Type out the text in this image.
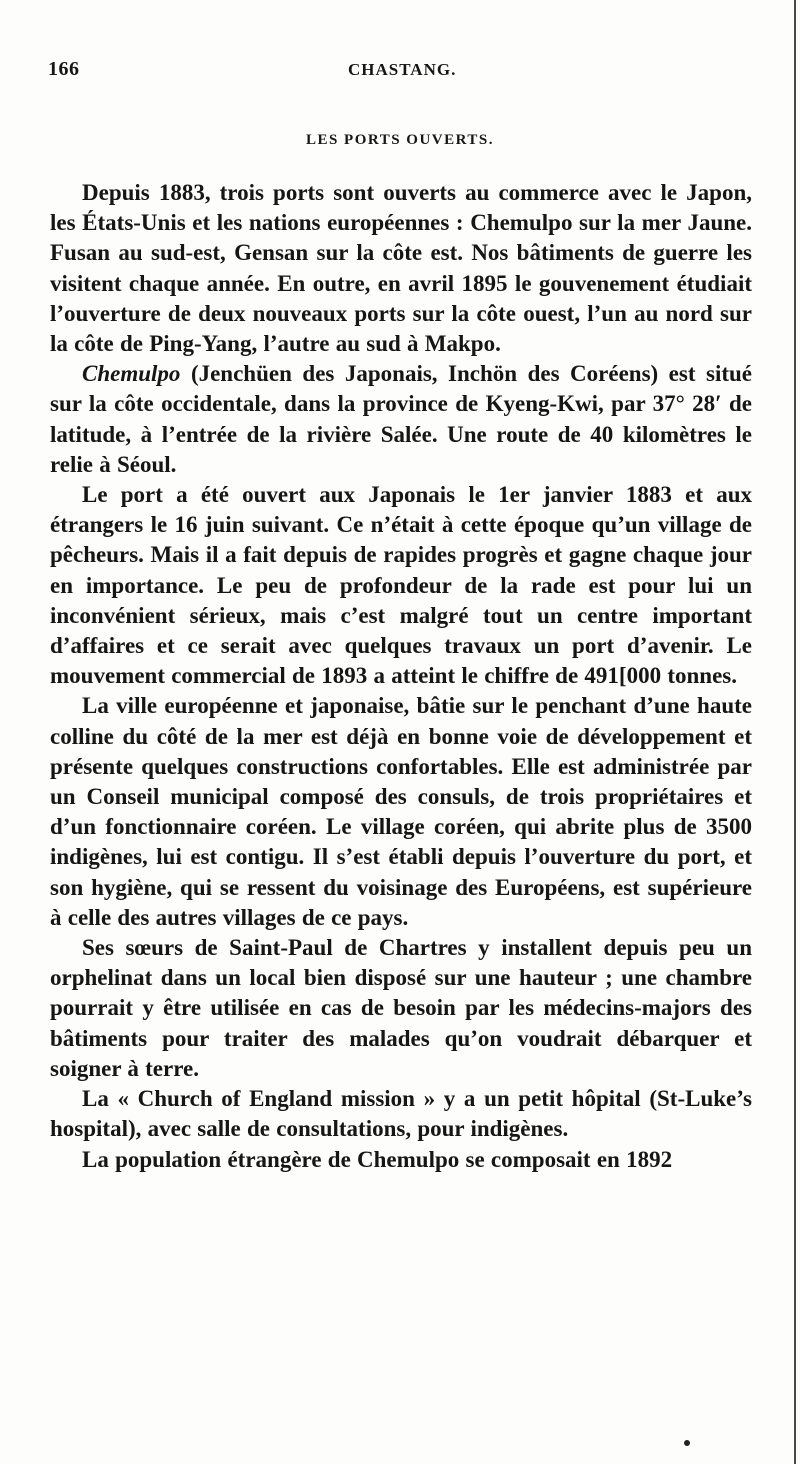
166	CHASTANG.
LES PORTS OUVERTS.

Depuis 1883, trois ports sont ouverts au commerce avec le Japon, les États-Unis et les nations européennes : Chemulpo sur la mer Jaune. Fusan au sud-est, Gensan sur la côte est. Nos bâtiments de guerre les visitent chaque année. En outre, en avril 1895 le gouvenement étudiait l’ouverture de deux nouveaux ports sur la côte ouest, l’un au nord sur la côte de Ping-Yang, l’autre au sud à Makpo.

Chemulpo (Jenchüen des Japonais, Inchön des Coréens) est situé sur la côte occidentale, dans la province de Kyeng-Kwi, par 37° 28′ de latitude, à l’entrée de la rivière Salée. Une route de 40 kilomètres le relie à Séoul.

Le port a été ouvert aux Japonais le 1er janvier 1883 et aux étrangers le 16 juin suivant. Ce n’était à cette époque qu’un village de pêcheurs. Mais il a fait depuis de rapides progrès et gagne chaque jour en importance. Le peu de profondeur de la rade est pour lui un inconvénient sérieux, mais c’est malgré tout un centre important d’affaires et ce serait avec quelques travaux un port d’avenir. Le mouvement commercial de 1893 a atteint le chiffre de 491[000 tonnes.

La ville européenne et japonaise, bâtie sur le penchant d’une haute colline du côté de la mer est déjà en bonne voie de développement et présente quelques constructions confortables. Elle est administrée par un Conseil municipal composé des consuls, de trois propriétaires et d’un fonctionnaire coréen. Le village coréen, qui abrite plus de 3500 indigènes, lui est contigu. Il s’est établi depuis l’ouverture du port, et son hygiène, qui se ressent du voisinage des Européens, est supérieure à celle des autres villages de ce pays.

Ses sœurs de Saint-Paul de Chartres y installent depuis peu un orphelinat dans un local bien disposé sur une hauteur ; une chambre pourrait y être utilisée en cas de besoin par les médecins-majors des bâtiments pour traiter des malades qu’on voudrait débarquer et soigner à terre.

La « Church of England mission » y a un petit hôpital (St-Luke’s hospital), avec salle de consultations, pour indigènes.

La population étrangère de Chemulpo se composait en 1892
